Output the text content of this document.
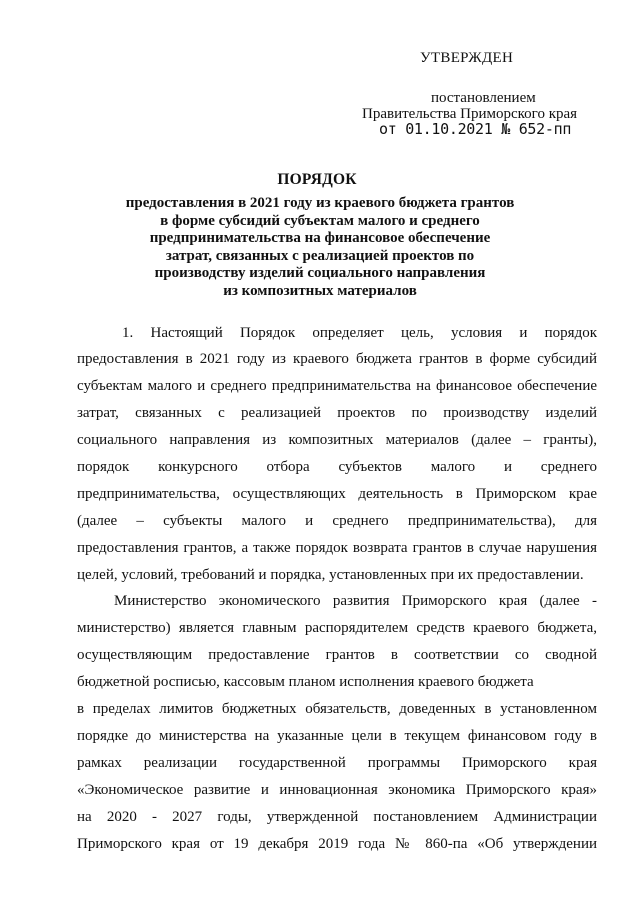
УТВЕРЖДЕН
постановлением
Правительства Приморского края
от 01.10.2021 № 652-пп
ПОРЯДОК

предоставления в 2021 году из краевого бюджета грантов
в форме субсидий субъектам малого и среднего
предпринимательства на финансовое обеспечение
затрат, связанных с реализацией проектов по
производству изделий социального направления
из композитных материалов

1. Настоящий Порядок определяет цель, условия и порядок
предоставления в 2021 году из краевого бюджета грантов в форме субсидий
субъектам малого и среднего предпринимательства на финансовое обеспечение
затрат, связанных с реализацией проектов по производству изделий
социального направления из композитных материалов (далее – гранты),
порядок конкурсного отбора субъектов малого и среднего
предпринимательства, осуществляющих деятельность в Приморском крае
(далее – субъекты малого и среднего предпринимательства), для
предоставления грантов, а также порядок возврата грантов в случае нарушения
целей, условий, требований и порядка, установленных при их предоставлении.
Министерство экономического развития Приморского края (далее -
министерство) является главным распорядителем средств краевого бюджета,
осуществляющим предоставление грантов в соответствии со сводной
бюджетной росписью, кассовым планом исполнения краевого бюджета
в пределах лимитов бюджетных обязательств, доведенных в установленном
порядке до министерства на указанные цели в текущем финансовом году в
рамках реализации государственной программы Приморского края
«Экономическое развитие и инновационная экономика Приморского края»
на 2020 - 2027 годы, утвержденной постановлением Администрации
Приморского края от 19 декабря 2019 года № 860-па «Об утверждении
